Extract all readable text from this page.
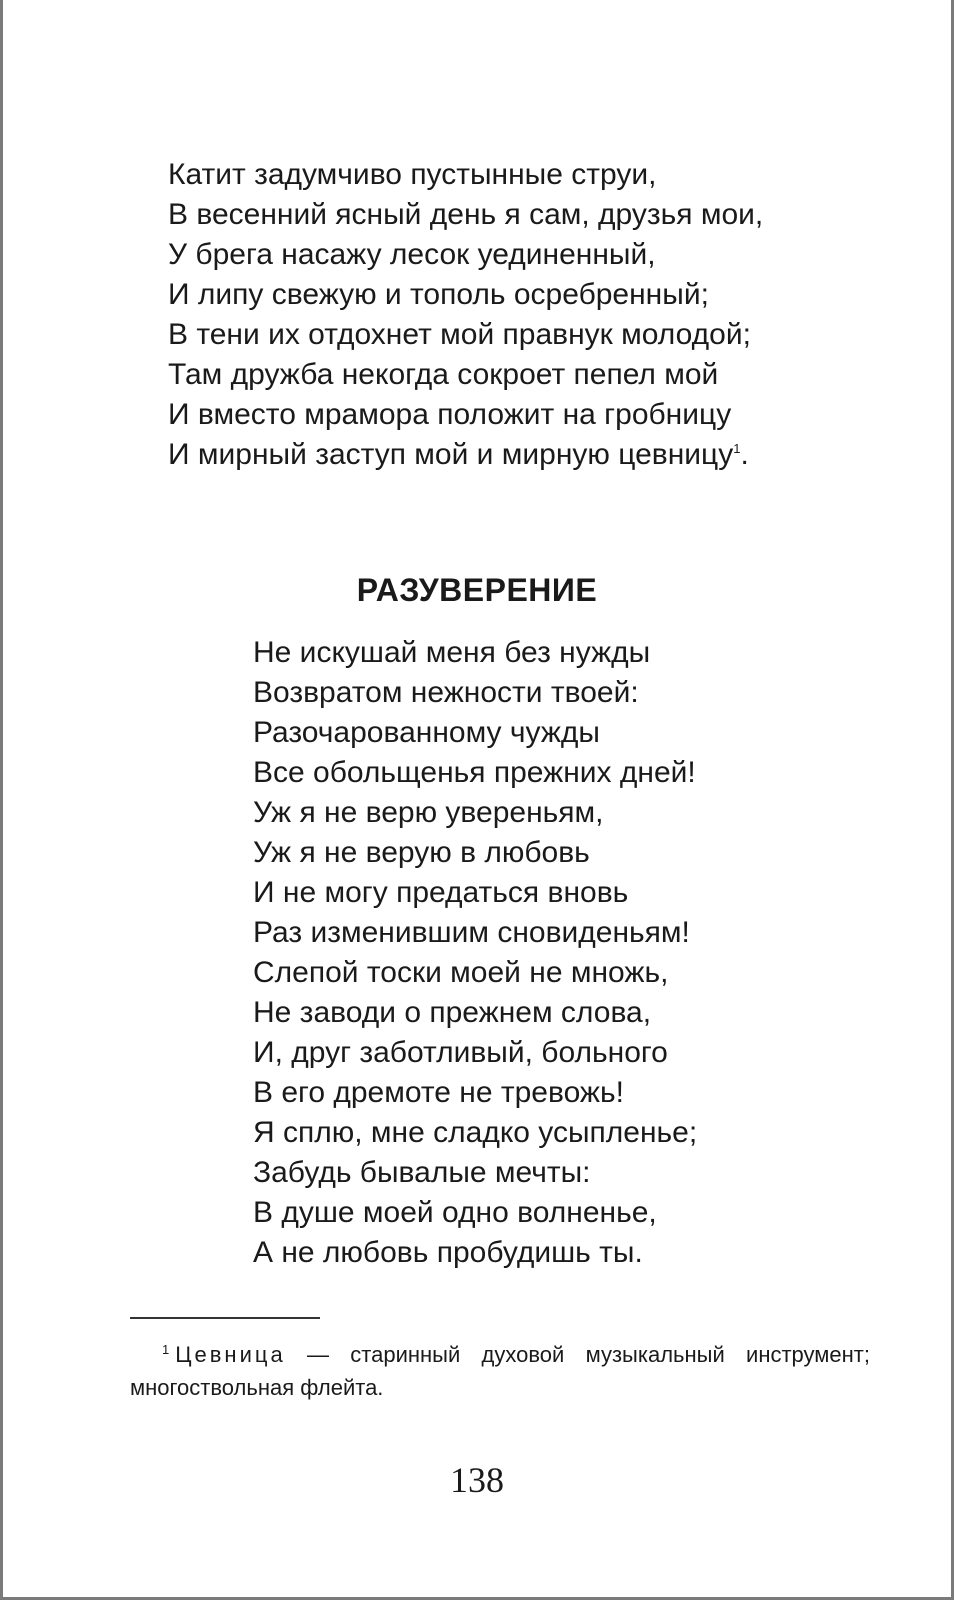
Катит задумчиво пустынные струи,
В весенний ясный день я сам, друзья мои,
У брега насажу лесок уединенный,
И липу свежую и тополь осребренный;
В тени их отдохнет мой правнук молодой;
Там дружба некогда сокроет пепел мой
И вместо мрамора положит на гробницу
И мирный заступ мой и мирную цевницу$^1$.
РАЗУВЕРЕНИЕ
Не искушай меня без нужды
Возвратом нежности твоей:
Разочарованному чужды
Все обольщенья прежних дней!
Уж я не верю увереньям,
Уж я не верую в любовь
И не могу предаться вновь
Раз изменившим сновиденьям!
Слепой тоски моей не множь,
Не заводи о прежнем слова,
И, друг заботливый, больного
В его дремоте не тревожь!
Я сплю, мне сладко усыпленье;
Забудь бывалые мечты:
В душе моей одно волненье,
А не любовь пробудишь ты.

$^1$ Цевница — старинный духовой музыкальный инструмент; многоствольная флейта.

138
